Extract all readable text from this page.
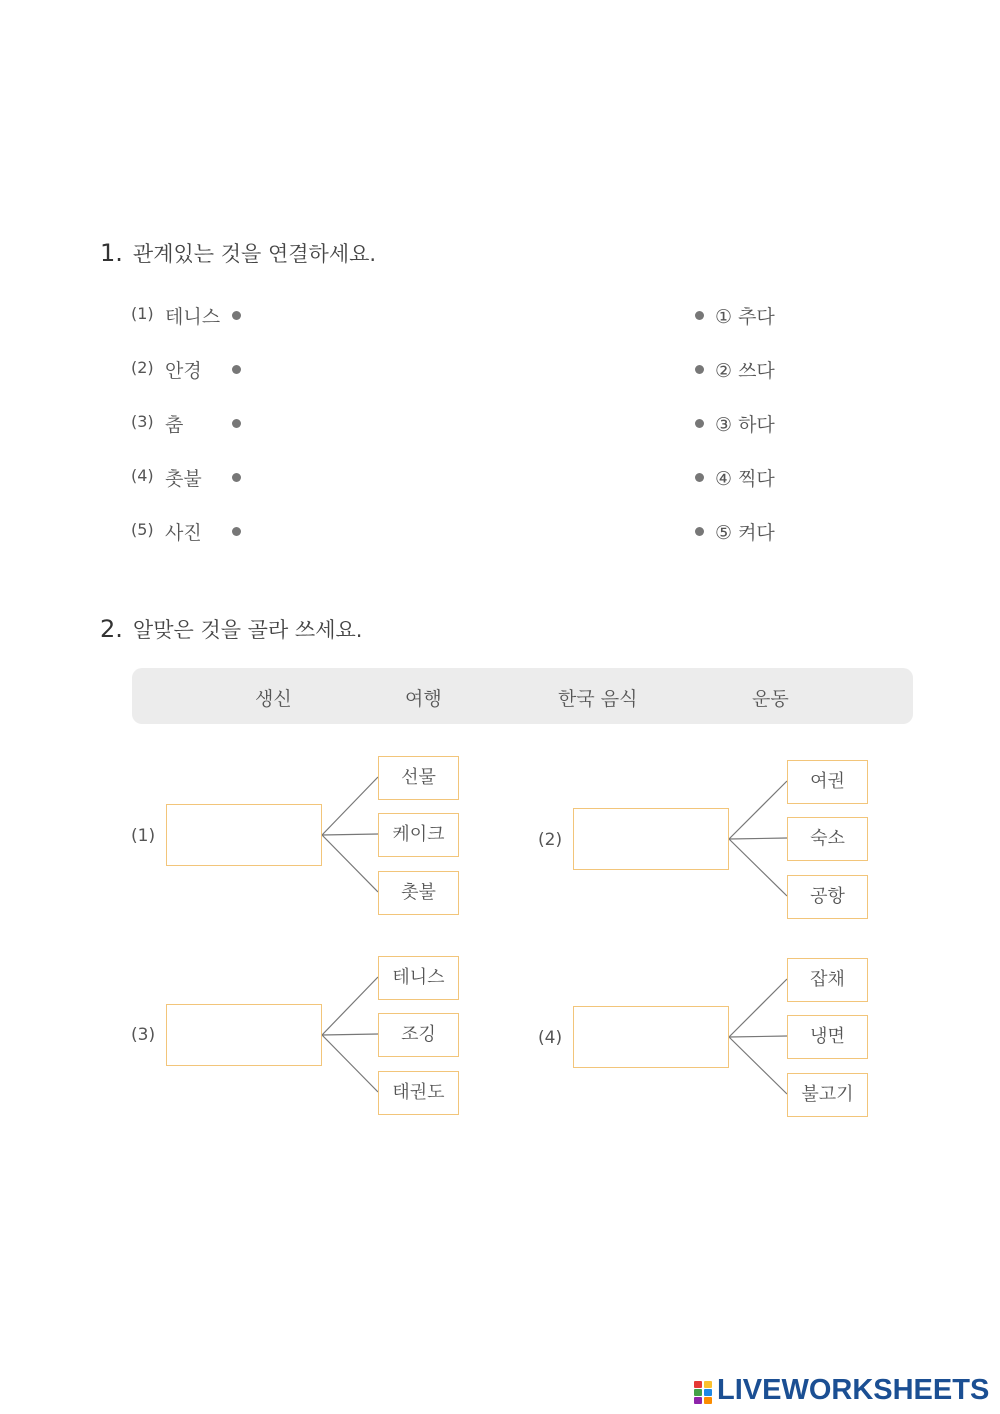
1. 관계있는 것을 연결하세요.
(1) 테니스
(2) 안경
(3) 춤
(4) 촛불
(5) 사진
① 추다
② 쓰다
③ 하다
④ 찍다
⑤ 켜다
2. 알맞은 것을 골라 쓰세요.
생신	여행	한국 음식	운동
(1)
선물
케이크
촛불
(2)
여권
숙소
공항
(3)
테니스
조깅
태권도
(4)
잡채
냉면
불고기
LIVEWORKSHEETS
